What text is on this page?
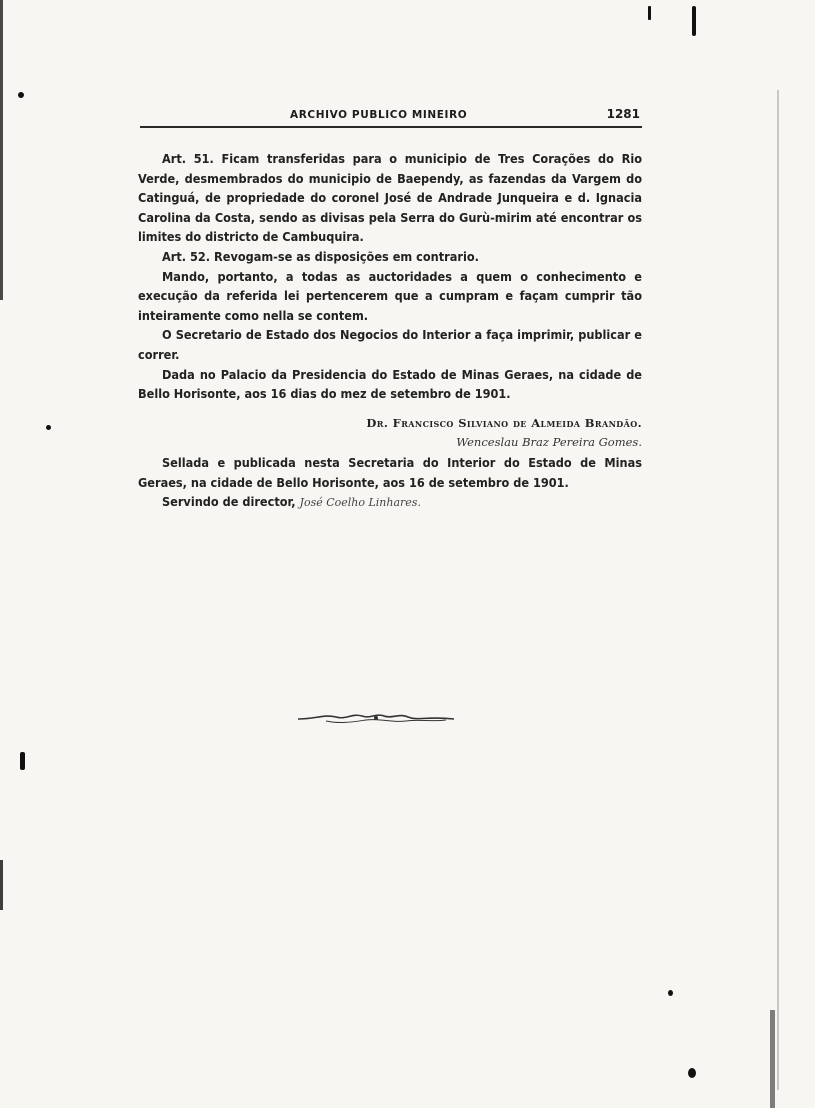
ARCHIVO PUBLICO MINEIRO	1281

Art. 51. Ficam transferidas para o municipio de Tres Corações do Rio Verde, desmembrados do municipio de Baependy, as fazendas da Vargem do Catinguá, de propriedade do coronel José de Andrade Junqueira e d. Ignacia Carolina da Costa, sendo as divisas pela Serra do Gurù-mirim até encontrar os limites do districto de Cambuquira.

Art. 52. Revogam-se as disposições em contrario.

Mando, portanto, a todas as auctoridades a quem o conhecimento e execução da referida lei pertencerem que a cumpram e façam cumprir tão inteiramente como nella se contem.

O Secretario de Estado dos Negocios do Interior a faça imprimir, publicar e correr.

Dada no Palacio da Presidencia do Estado de Minas Geraes, na cidade de Bello Horisonte, aos 16 dias do mez de setembro de 1901.

Dr. Francisco Silviano de Almeida Brandão.

Wenceslau Braz Pereira Gomes.

Sellada e publicada nesta Secretaria do Interior do Estado de Minas Geraes, na cidade de Bello Horisonte, aos 16 de setembro de 1901.

Servindo de director, José Coelho Linhares.
